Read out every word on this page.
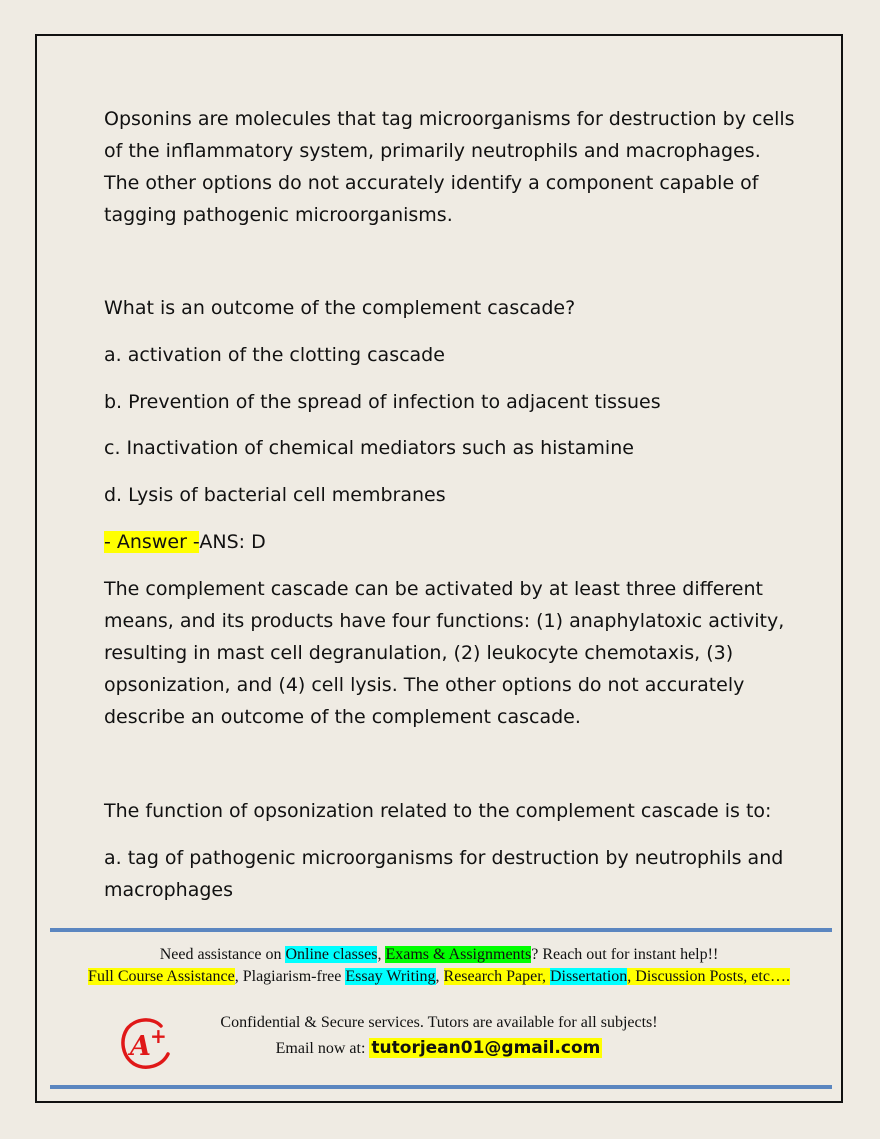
Opsonins are molecules that tag microorganisms for destruction by cells
of the inflammatory system, primarily neutrophils and macrophages.
The other options do not accurately identify a component capable of
tagging pathogenic microorganisms.
What is an outcome of the complement cascade?
a. activation of the clotting cascade
b. Prevention of the spread of infection to adjacent tissues
c. Inactivation of chemical mediators such as histamine
d. Lysis of bacterial cell membranes
- Answer -ANS: D
The complement cascade can be activated by at least three different
means, and its products have four functions: (1) anaphylatoxic activity,
resulting in mast cell degranulation, (2) leukocyte chemotaxis, (3)
opsonization, and (4) cell lysis. The other options do not accurately
describe an outcome of the complement cascade.
The function of opsonization related to the complement cascade is to:
a. tag of pathogenic microorganisms for destruction by neutrophils and
macrophages
Need assistance on Online classes, Exams & Assignments? Reach out for instant help!!
Full Course Assistance, Plagiarism-free Essay Writing, Research Paper, Dissertation, Discussion Posts, etc….
A +
Confidential & Secure services. Tutors are available for all subjects!
Email now at: tutorjean01@gmail.com
